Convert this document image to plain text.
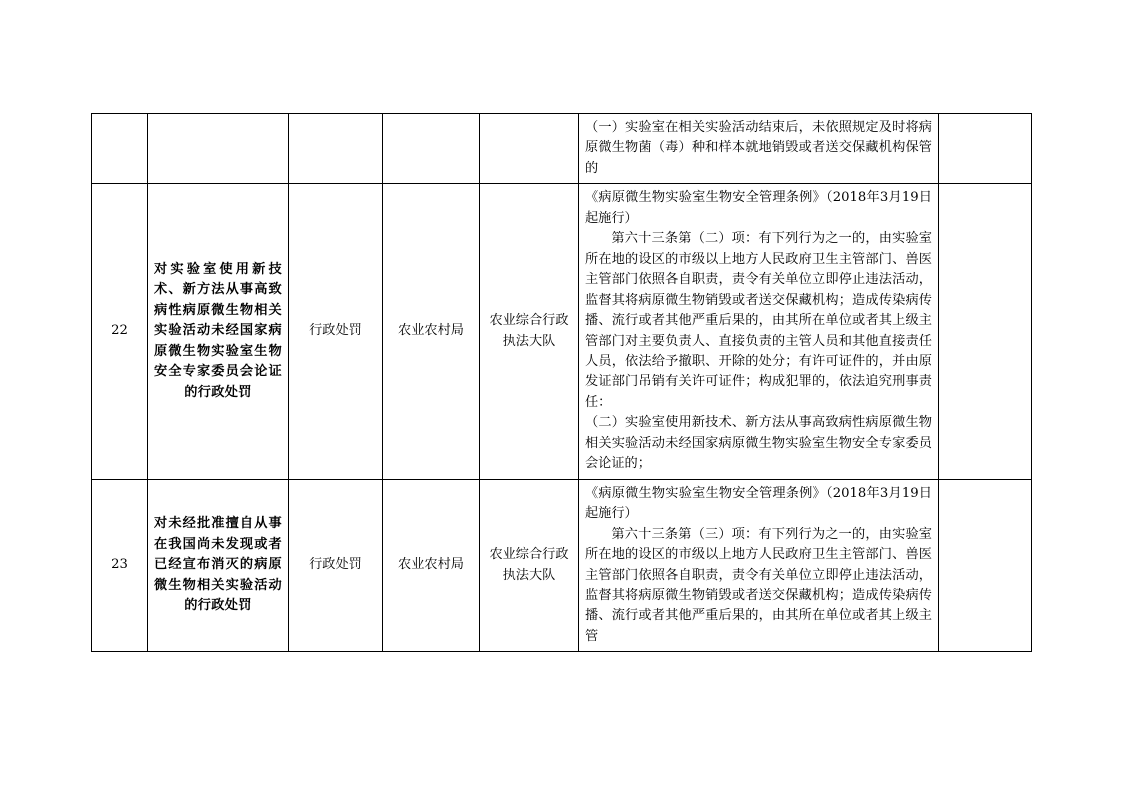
					（一）实验室在相关实验活动结束后，未依照规定及时将病原微生物菌（毒）种和样本就地销毁或者送交保藏机构保管的	

22	对实验室使用新技术、新方法从事高致病性病原微生物相关实验活动未经国家病原微生物实验室生物安全专家委员会论证的行政处罚	行政处罚	农业农村局	农业综合行政执法大队	《病原微生物实验室生物安全管理条例》（2018年3月19日起施行）

第六十三条第（二）项：有下列行为之一的，由实验室所在地的设区的市级以上地方人民政府卫生主管部门、兽医主管部门依照各自职责，责令有关单位立即停止违法活动，监督其将病原微生物销毁或者送交保藏机构；造成传染病传播、流行或者其他严重后果的，由其所在单位或者其上级主管部门对主要负责人、直接负责的主管人员和其他直接责任人员，依法给予撤职、开除的处分；有许可证件的，并由原发证部门吊销有关许可证件；构成犯罪的，依法追究刑事责任：

（二）实验室使用新技术、新方法从事高致病性病原微生物相关实验活动未经国家病原微生物实验室生物安全专家委员会论证的；	

23	对未经批准擅自从事在我国尚未发现或者已经宣布消灭的病原微生物相关实验活动的行政处罚	行政处罚	农业农村局	农业综合行政执法大队	《病原微生物实验室生物安全管理条例》（2018年3月19日起施行）

第六十三条第（三）项：有下列行为之一的，由实验室所在地的设区的市级以上地方人民政府卫生主管部门、兽医主管部门依照各自职责，责令有关单位立即停止违法活动，监督其将病原微生物销毁或者送交保藏机构；造成传染病传播、流行或者其他严重后果的，由其所在单位或者其上级主管	
